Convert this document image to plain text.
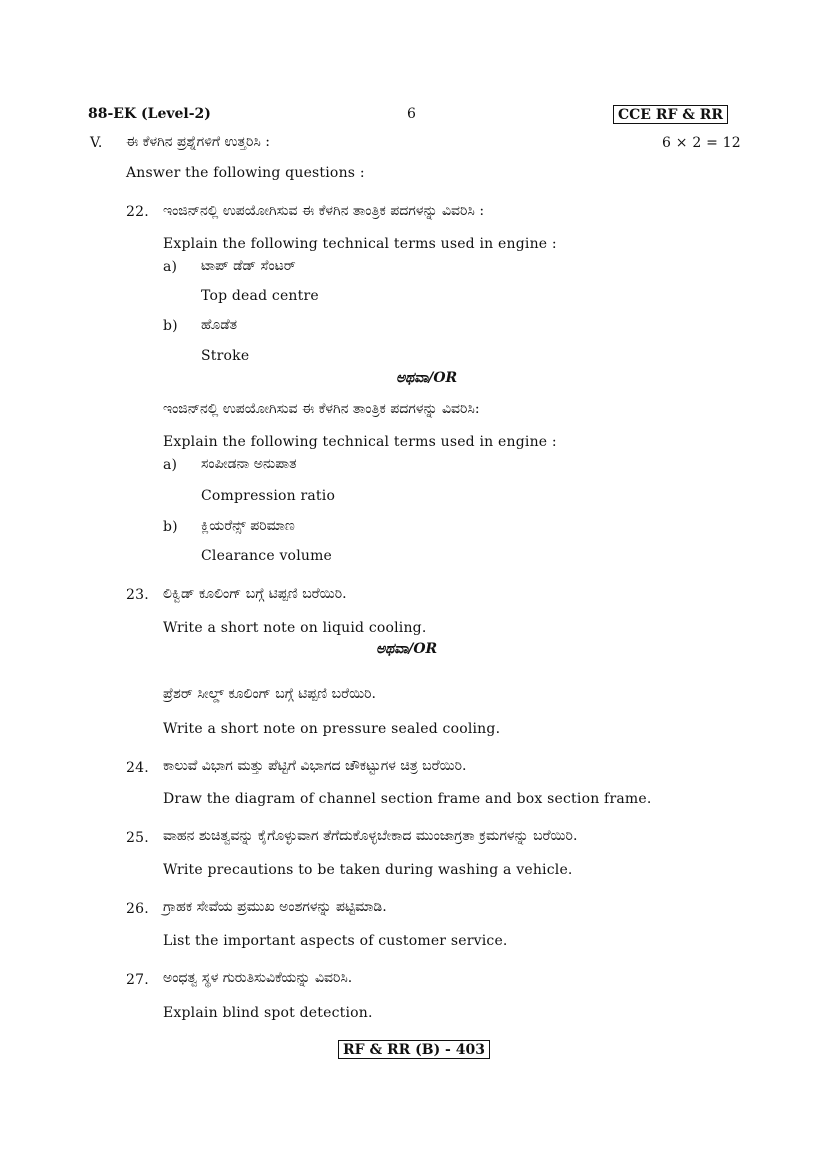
88-EK (Level-2)	6	CCE RF & RR
V. ಈ ಕೆಳಗಿನ ಪ್ರಶ್ನೆಗಳಿಗೆ ಉತ್ತರಿಸಿ :	6 × 2 = 12
Answer the following questions :
22. ಇಂಜಿನ್‌ನಲ್ಲಿ ಉಪಯೋಗಿಸುವ ಈ ಕೆಳಗಿನ ತಾಂತ್ರಿಕ ಪದಗಳನ್ನು ವಿವರಿಸಿ :
Explain the following technical terms used in engine :
a) ಟಾಪ್ ಡೆಡ್ ಸೆಂಟರ್
Top dead centre
b) ಹೊಡೆತ
Stroke
ಅಥವಾ/OR
ಇಂಜಿನ್‌ನಲ್ಲಿ ಉಪಯೋಗಿಸುವ ಈ ಕೆಳಗಿನ ತಾಂತ್ರಿಕ ಪದಗಳನ್ನು ವಿವರಿಸಿ:
Explain the following technical terms used in engine :
a) ಸಂಪೀಡನಾ ಅನುಪಾತ
Compression ratio
b) ಕ್ಲಿಯರೆನ್ಸ್ ಪರಿಮಾಣ
Clearance volume
23. ಲಿಕ್ವಿಡ್ ಕೂಲಿಂಗ್ ಬಗ್ಗೆ ಟಿಪ್ಪಣಿ ಬರೆಯಿರಿ.
Write a short note on liquid cooling.
ಅಥವಾ/OR
ಪ್ರೆಶರ್ ಸೀಲ್ಡ್ ಕೂಲಿಂಗ್ ಬಗ್ಗೆ ಟಿಪ್ಪಣಿ ಬರೆಯಿರಿ.
Write a short note on pressure sealed cooling.
24. ಕಾಲುವೆ ವಿಭಾಗ ಮತ್ತು ಪೆಟ್ಟಿಗೆ ವಿಭಾಗದ ಚೌಕಟ್ಟುಗಳ ಚಿತ್ರ ಬರೆಯಿರಿ.
Draw the diagram of channel section frame and box section frame.
25. ವಾಹನ ಶುಚಿತ್ವವನ್ನು ಕೈಗೊಳ್ಳುವಾಗ ತೆಗೆದುಕೊಳ್ಳಬೇಕಾದ ಮುಂಜಾಗ್ರತಾ ಕ್ರಮಗಳನ್ನು ಬರೆಯಿರಿ.
Write precautions to be taken during washing a vehicle.
26. ಗ್ರಾಹಕ ಸೇವೆಯ ಪ್ರಮುಖ ಅಂಶಗಳನ್ನು ಪಟ್ಟಿಮಾಡಿ.
List the important aspects of customer service.
27. ಅಂಧತ್ವ ಸ್ಥಳ ಗುರುತಿಸುವಿಕೆಯನ್ನು ವಿವರಿಸಿ.
Explain blind spot detection.
RF & RR (B) - 403
